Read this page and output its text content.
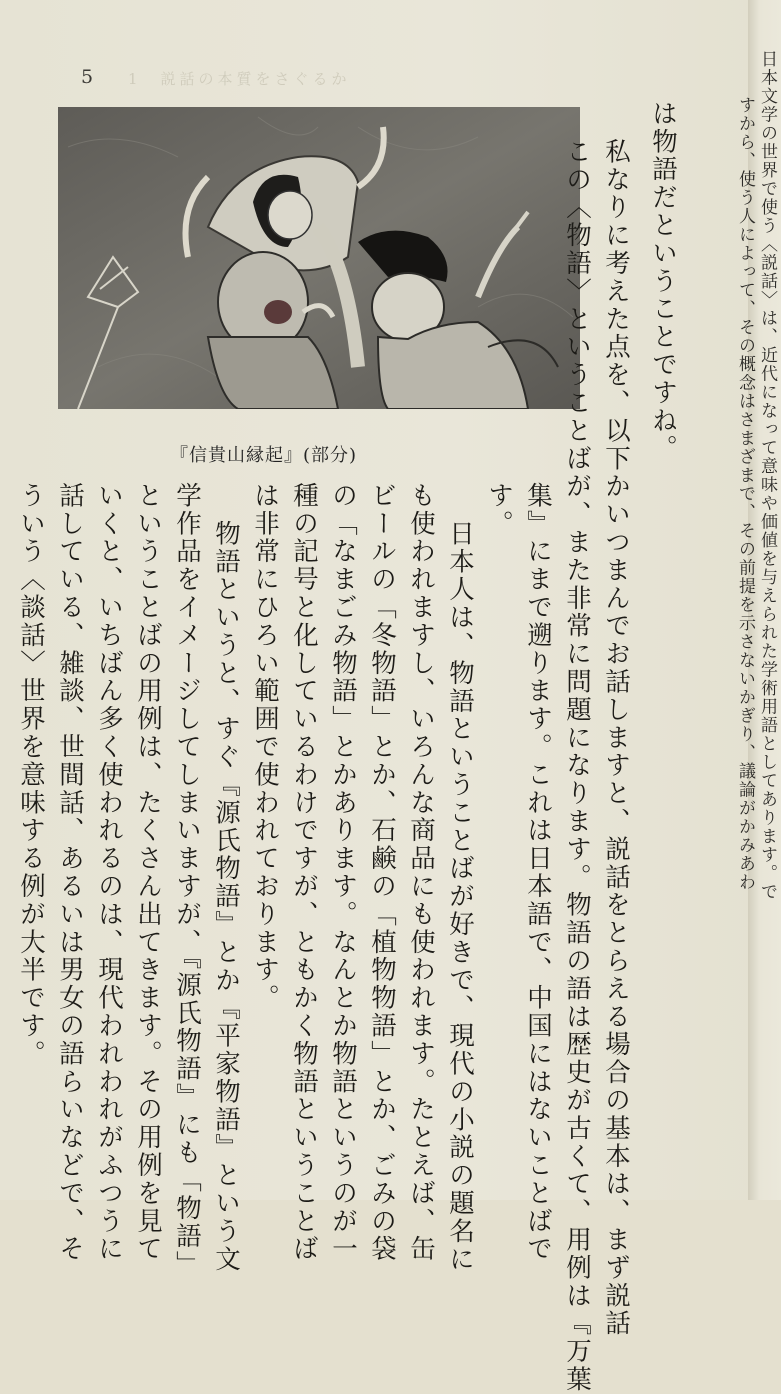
5 1　説話の本質をさぐるか
『信貴山縁起』(部分)	は物語だということですね。
私なりに考えた点を、以下かいつまんでお話しますと、説話をとらえる場合の基本は、まず説話
この〈物語〉ということばが、また非常に問題になります。物語の語は歴史が古くて、用例は『万葉
集』にまで遡ります。これは日本語で、中国にはないことばで
す。
日本人は、物語ということばが好きで、現代の小説の題名に
も使われますし、いろんな商品にも使われます。たとえば、缶
ビールの「冬物語」とか、石鹸の「植物物語」とか、ごみの袋
の「なまごみ物語」とかあります。なんとか物語というのが一
種の記号と化しているわけですが、ともかく物語ということば
は非常にひろい範囲で使われております。
物語というと、すぐ『源氏物語』とか『平家物語』という文
学作品をイメージしてしまいますが、『源氏物語』にも「物語」
ということばの用例は、たくさん出てきます。その用例を見て
いくと、いちばん多く使われるのは、現代われわれがふつうに
話している、雑談、世間話、あるいは男女の語らいなどで、そ
ういう〈談話〉世界を意味する例が大半です。	日本文学の世界で使う〈説話〉は、近代になって意味や価値を与えられた学術用語としてあります。で
すから、使う人によって、その概念はさまざまで、その前提を示さないかぎり、議論がかみあわ
